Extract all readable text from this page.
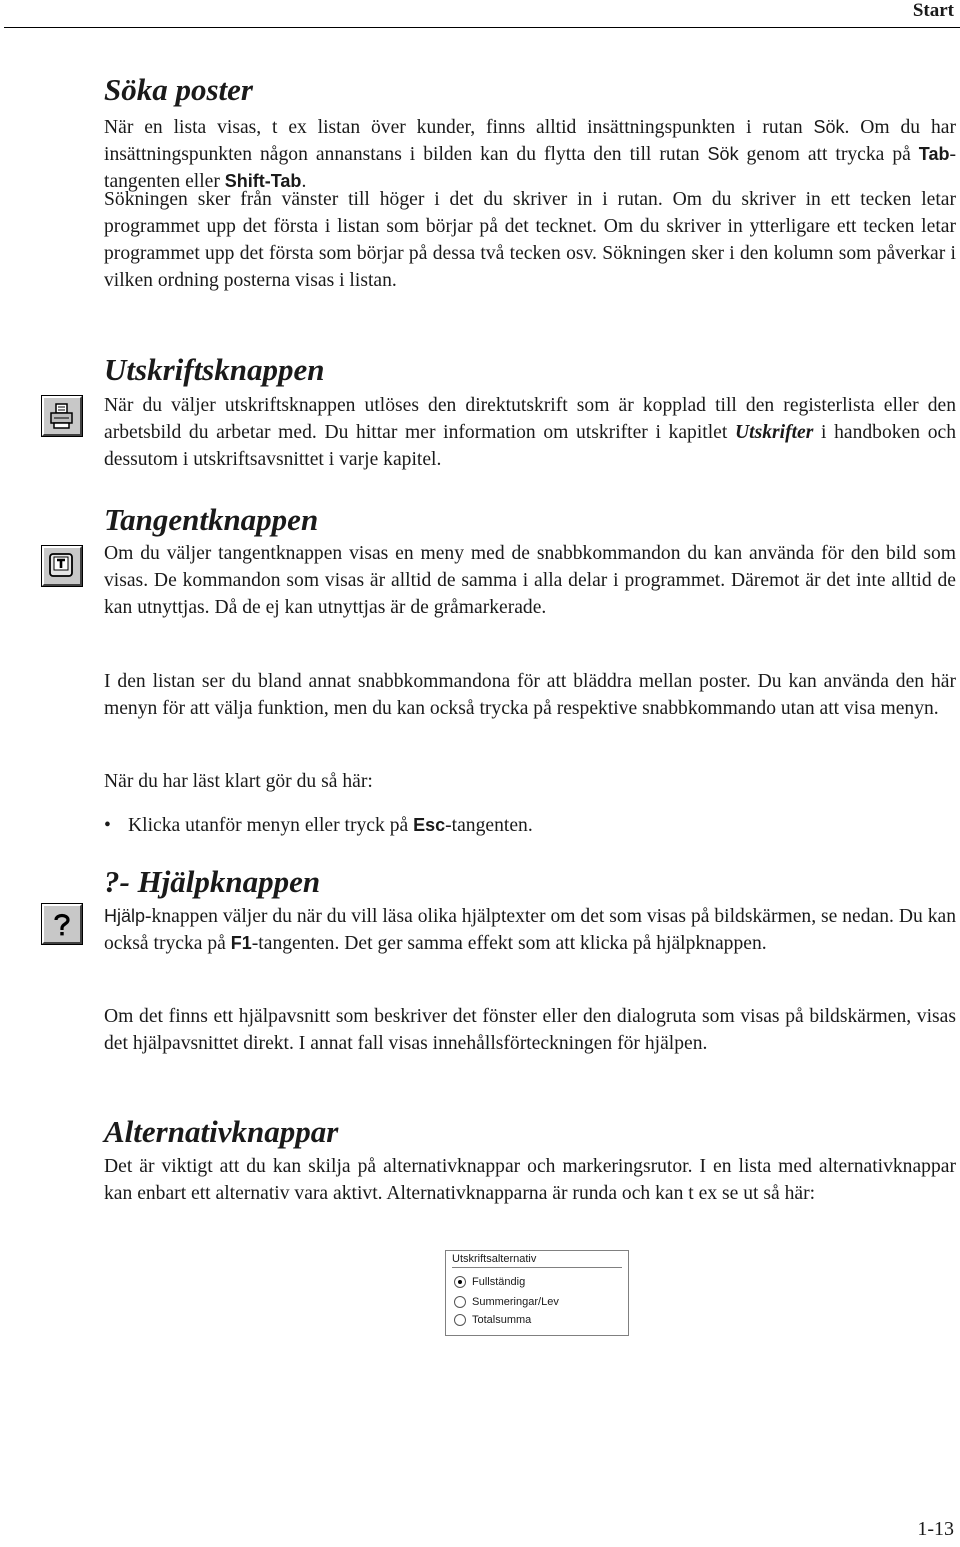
Start
Söka poster

När en lista visas, t ex listan över kunder, finns alltid insättningspunkten i rutan Sök. Om du har insättningspunkten någon annanstans i bilden kan du flytta den till rutan Sök genom att trycka på Tab-tangenten eller Shift-Tab.

Sökningen sker från vänster till höger i det du skriver in i rutan. Om du skriver in ett tecken letar programmet upp det första i listan som börjar på det tecknet. Om du skriver in ytterligare ett tecken letar programmet upp det första som börjar på dessa två tecken osv. Sökningen sker i den kolumn som påverkar i vilken ordning posterna visas i listan.

Utskriftsknappen

När du väljer utskriftsknappen utlöses den direktutskrift som är kopplad till den registerlista eller den arbetsbild du arbetar med. Du hittar mer information om utskrifter i kapitlet Utskrifter i handboken och dessutom i utskriftsavsnittet i varje kapitel.

Tangentknappen

Om du väljer tangentknappen visas en meny med de snabbkommandon du kan använda för den bild som visas. De kommandon som visas är alltid de samma i alla delar i programmet. Däremot är det inte alltid de kan utnyttjas. Då de ej kan utnyttjas är de gråmarkerade.

I den listan ser du bland annat snabbkommandona för att bläddra mellan poster. Du kan använda den här menyn för att välja funktion, men du kan också trycka på respektive snabbkommando utan att visa menyn.

När du har läst klart gör du så här:

• Klicka utanför menyn eller tryck på Esc-tangenten.
?- Hjälpknappen

Hjälp-knappen väljer du när du vill läsa olika hjälptexter om det som visas på bildskärmen, se nedan. Du kan också trycka på F1-tangenten. Det ger samma effekt som att klicka på hjälpknappen.

Om det finns ett hjälpavsnitt som beskriver det fönster eller den dialogruta som visas på bildskärmen, visas det hjälpavsnittet direkt. I annat fall visas innehållsförteckningen för hjälpen.

Alternativknappar

Det är viktigt att du kan skilja på alternativknappar och markeringsrutor. I en lista med alternativknappar kan enbart ett alternativ vara aktivt. Alternativknapparna är runda och kan t ex se ut så här:

Utskriftsalternativ
Fullständig
Summeringar/Lev
Totalsumma
1-13
